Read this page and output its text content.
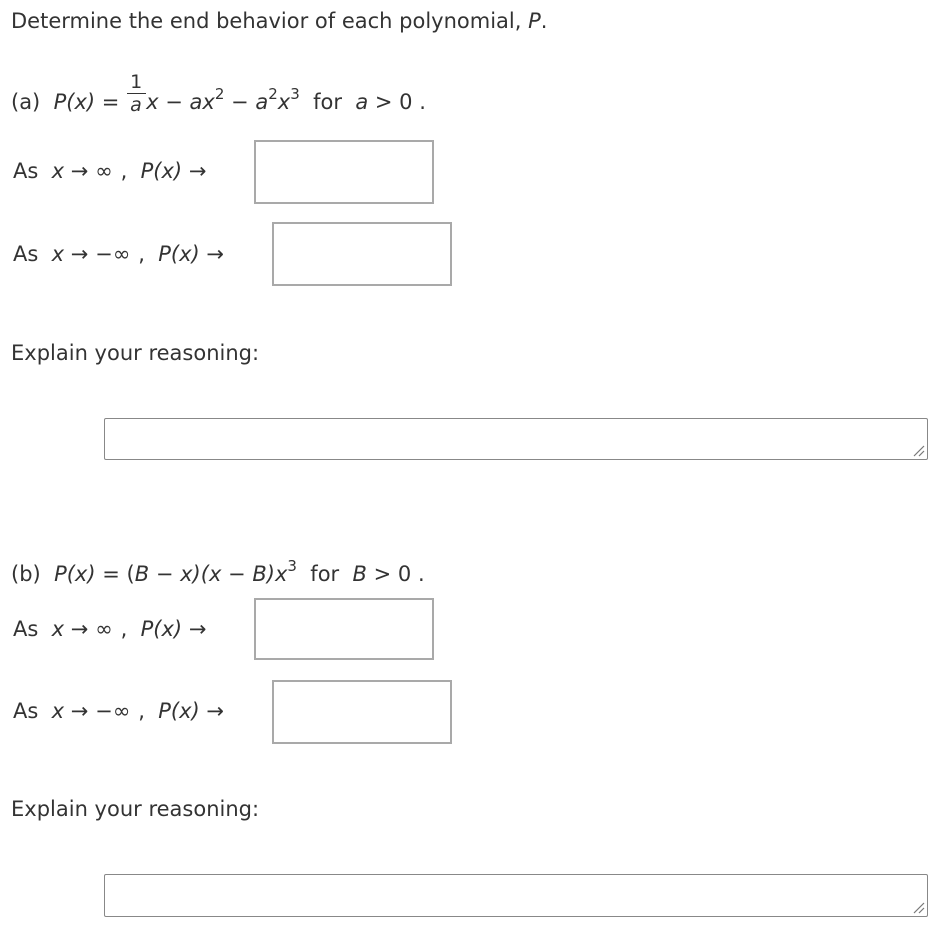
Determine the end behavior of each polynomial, P.
(a) $P(x) = \frac{1}{a}$ $x - ax^2 - a^2x^3$ for a > 0 .
As x → ∞ , P(x) →
As x → −∞ , P(x) →
Explain your reasoning:
(b) $P(x) = (B - x)(x - B)x^3$ for B > 0 .
As x → ∞ , P(x) →
As x → −∞ , P(x) →
Explain your reasoning:
